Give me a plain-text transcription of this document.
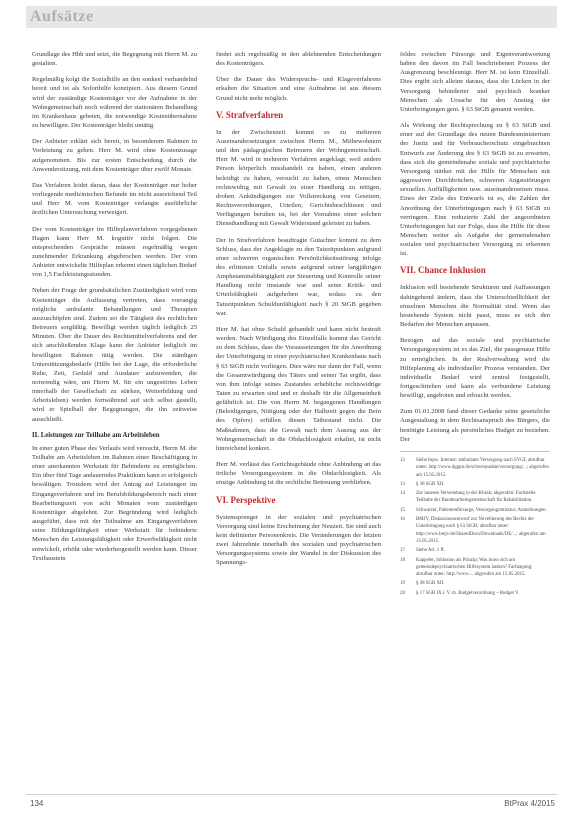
Aufsätze

Grundlage des Hbh und setzt, die Begegnung mit Herrn M. zu gestalten.

Regelmäßig kolgt die Sozialhilfe an den sonkeel verhandelnd bereit und ist als Soforthilfe konzipiert. Aus diesem Grund wird der zuständige Kostenträger vor der Aufnahme in der Wohngemeinschaft noch während der stationären Behandlung im Krankenhaus gebeten, die notwendige Kostenübernahme zu bewilligen. Der Kostenträger bleibt untätig.

Der Anbieter erklärt sich bereit, in besonderem Rahmen in Vorleistung zu gehen. Herr M. wird ohne Kostenzusage aufgenommen. Bis zur ersten Entscheidung durch die Anwendersitzung, mit dem Kostenträger über zwölf Monate.

Das Verfahren leidet daran, dass der Kostenträger nur hoher vorliegende medizinischen Befunde im nicht ausreichend Teil und Herr M. vom Kostenträger verlangte ausführliche ärztlichen Untersuchung verweigert.

Der vom Kostenträger im Hilfeplanverfahren vorgegebenen Hagen kann Herr M. kognitiv nicht folgen. Die entsprechenden Gespräche müssen regelmäßig wegen zunehmender Erkrankung abgebrochen werden. Der vom Anbieter entwickelte Hilfeplan erkennt einen täglichen Bedarf von 1,5 Fachleistungsstunden.

Neben der Frage der grundsätzlichen Zuständigkeit wird vom Kostenträger die Auffassung vertreten, dass vorrangig mögliche ambulante Behandlungen und Therapien auszuschöpfen sind. Zudem sei die Tätigkeit des rechtlichen Betreuers sorgfältig. Bewilligt werden täglich lediglich 25 Minuten. Über die Dauer des Rechtsmittelverfahrens und der sich anschließenden Klage kann der Anbieter lediglich im bewilligten Rahmen tätig werden. Die ständigen Unterstützungsbedarfe (Hilfe bei der Lage, die erforderliche Ruhe, Zeit, Geduld und Ausdauer aufzuwenden, die notwendig wäre, um Herrn M. für ein ungestörtes Leben innerhalb der Gesellschaft zu stärken, Weiterbildung und Arbeitsleben) werden fortwährend auf sich selbst gestellt, wird er Spielball der Begegnungen, die ihn zeitweise ausschließt.

II. Leistungen zur Teilhabe am Arbeitsleben

In einer guten Phase des Verlaufs wird versucht, Herrn M. die Teilhabe am Arbeitsleben im Rahmen einer Beschäftigung in einer anerkannten Werkstatt für Behinderte zu ermöglichen. Ein über fünf Tage andauerndes Praktikum kann er erfolgreich bewältigen. Trotzdem wird der Antrag auf Leistungen im Eingangsverfahren und im Berufsbildungsbereich nach einer Bearbeitungszeit von acht Monaten vom zuständigen Kostenträger abgelehnt. Zur Begründung wird lediglich ausgeführt, dass mit der Teilnahme am Eingangsverfahren seine Bildungsfähigkeit einer Werkstatt für behinderte Menschen die Leistungsfähigkeit oder Erwerbsfähigkeit nicht entwickelt, erhöht oder wiederhergestellt werden kann. Dieser Textbaustein

findet sich regelmäßig in den ablehnenden Entscheidungen des Kostenträgers.

Über die Dauer des Widerspruchs- und Klageverfahrens erkalten die Situation und eine Aufnahme ist aus diesem Grund nicht mehr möglich.

V. Strafverfahren

In der Zwischenzeit kommt es zu mehreren Auseinandersetzungen zwischen Herrn M., Mitbewohnern und den pädagogischen Betreuern der Wohngemeinschaft. Herr M. wird in mehreren Verfahren angeklagt, weil andere Person körperlich misshandelt zu haben, einen anderen beleidigt zu haben, versucht zu haben, einen Menschen rechtswidrig mit Gewalt zu einer Handlung zu nötigen, drohen Ankündigungen zur Vollstreckung von Gesetzen, Rechtsverordnungen, Urteilen, Gerichtsbeschlüssen und Verfügungen beruhen ist, bei der Vornahme einer solchen Diensthandlung mit Gewalt Widerstand geleistet zu haben.

Der in Strafverfahren beauftragte Gutachter kommt zu dem Schluss, dass der Angeklagte zu den Tatzeitpunkten aufgrund einer schweren organischen Persönlichkeitsstörung infolge des erlittenen Unfalls sowie aufgrund seiner langjährigen Amphetaminabhängigkeit zur Steuerung und Kontrolle seiner Handlung nicht imstande war und seine Kritik- und Urteilsfähigkeit aufgehoben war, sodass zu den Tatzeitpunkten Schuldunfähigkeit nach § 20 StGB gegeben war.

Herr M. hat ohne Schuld gehandelt und kann nicht bestraft werden. Nach Würdigung des Einzelfalls kommt das Gericht zu dem Schluss, dass die Voraussetzungen für die Anordnung der Unterbringung in einer psychiatrischen Krankenhaus nach § 63 StGB nicht vorliegen. Dies wäre nur dann der Fall, wenn die Gesamtwürdigung des Täters und seiner Tat ergibt, dass von ihm infolge seines Zustandes erhebliche rechtswidrige Taten zu erwarten sind und er deshalb für die Allgemeinheit gefährlich ist. Die von Herrn M. begangenen Handlungen (Beleidigungen, Nötigung oder der Halbzeit gegen die Bein des Opfers) erfüllen diesen Tatbestand nicht. Die Maßnahmen, dass die Gewalt nach dem Auszug aus der Wohngemeinschaft in die Obdachlosigkeit erkaltet, ist nicht hinreichend konkret.

Herr M. verlässt das Gerichtsgebäude ohne Anbindung an das örtliche Versorgungssystem in die Obdachlosigkeit. Als einzige Anbindung ist die rechtliche Betreuung verblieben.

VI. Perspektive

Systemsprenger in der sozialen und psychiatrischen Versorgung sind keine Erscheinung der Neuzeit. Sie sind auch kein definierter Personenkreis. Die Veränderungen der letzten zwei Jahrzehnte innerhalb des sozialen und psychiatrischen Versorgungssystems sowie der Wandel in der Diskussion des Spannungs-

feldes zwischen Fürsorge und Eigenverantwortung haben den davon im Fall beschriebenen Prozess der Ausgrenzung beschleunigt. Herr M. ist kein Einzelfall. Dies ergibt sich alleine daraus, dass die Lücken in der Versorgung behinderter und psychisch kranker Menschen als Ursache für den Anstieg der Unterbringungen gem. § 63 StGB genannt werden.

Als Wirkung der Rechtsprechung zu § 63 StGB und einer auf der Grundlage des neuen Bundesministerium der Justiz und für Verbraucherschutz eingebrachten Entwurfs zur Änderung des § 63 StGB ist zu erwarten, dass sich die gemeindenahe soziale und psychiatrische Versorgung stärker mit der Hilfe für Menschen mit aggressiven Durchbrüchen, schweren Angststörungen sexuellen Auffälligkeiten usw. auseinandersetzen muss. Eines der Ziele des Entwurfs ist es, die Zahlen der Anordnung der Unterbringungen nach § 63 StGB zu verringern. Eine reduzierte Zahl der angeordneten Unterbringungen hat zur Folge, dass die Hilfe für diese Menschen weiter als Aufgabe der gemeindenahen sozialen und psychiatrischen Versorgung zu erkennen ist.

VII. Chance Inklusion

Inklusion will bestehende Strukturen und Auffassungen dahingehend ändern, dass die Unterschiedlichkeit der einzelnen Menschen die Normalität sind. Wenn das bestehende System nicht passt, muss es sich den Bedarfen der Menschen anpassen.

Bezogen auf das soziale und psychiatrische Versorgungssystem ist es das Ziel, die passgenaue Hilfe zu ermöglichen. In der Realverwaltung wird die Hilfeplanung als individueller Prozess verstanden. Der individuelle Bedarf wird zentral festgestellt, fortgeschrieben und kann als verbundene Leistung bewilligt, angeboten und erbracht werden.

Zum 01.01.2008 fand dieser Gedanke seine gesetzliche Ausgestaltung in dem Rechtsanspruch des Bürgers, die benötigte Leistung als persönliches Budget zu beziehen. Der

12	Siehe bspw. Internet: ambulante Versorgung nach SVGI; abrufbar unter: http://www.dgppn.de/schwerpunkte/versorgung/...; abgerufen am 15.05.2015.
13	§ 38 SGB XII.
14	Zur inneren Verwendung in der Klinik; abgerufen: Fachstelle Teilhabe der Bundesarbeitsgemeinschaft für Rehabilitation.
15	Schwarzer, Patientenfürsorge, Versorgungsstruktur; Anmerkungen.
16	BMJV, Diskussionsentwurf zur Novellierung des Rechts der Unterbringung nach § 63 StGB; abrufbar unter: http://www.bmjv.de/SharedDocs/Downloads/DE/...; abgerufen am 15.05.2015.
17	Siehe Art. 1 ff.
18	Kappeler, Inklusion als Prinzip; Was muss sich am gemeindepsychiatrischen Hilfesystem ändern? Fachtagung; abrufbar unter: http://www.... abgerufen am 15.05.2015.
19	§ 38 SGB XII.
20	§ 17 SGB IX i. V. m. Budgetverordnung – Budget V.
134	BtPrax 4/2015
